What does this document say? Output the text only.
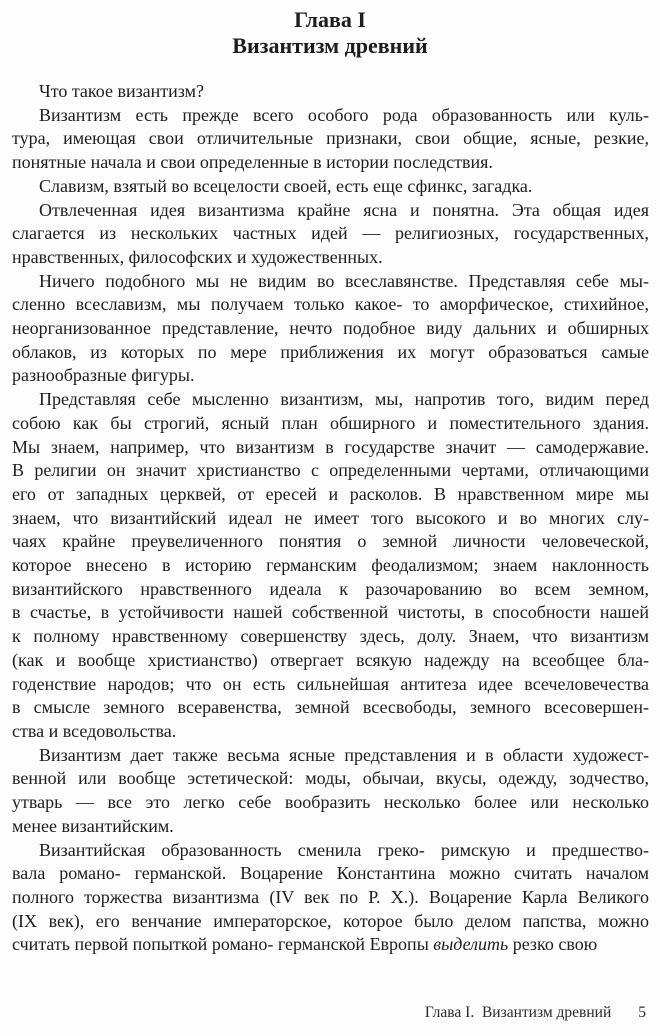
Глава I
Византизм древний
Что такое византизм?
Византизм есть прежде всего особого рода образованность или куль-
тура, имеющая свои отличительные признаки, свои общие, ясные, резкие,
понятные начала и свои определенные в истории последствия.
Славизм, взятый во всецелости своей, есть еще сфинкс, загадка.
Отвлеченная идея византизма крайне ясна и понятна. Эта общая идея
слагается из нескольких частных идей — религиозных, государственных,
нравственных, философских и художественных.
Ничего подобного мы не видим во всеславянстве. Представляя себе мы-
сленно всеславизм, мы получаем только какое- то аморфическое, стихийное,
неорганизованное представление, нечто подобное виду дальних и обширных
облаков, из которых по мере приближения их могут образоваться самые
разнообразные фигуры.
Представляя себе мысленно византизм, мы, напротив того, видим перед
собою как бы строгий, ясный план обширного и поместительного здания.
Мы знаем, например, что византизм в государстве значит — самодержавие.
В религии он значит христианство с определенными чертами, отличающими
его от западных церквей, от ересей и расколов. В нравственном мире мы
знаем, что византийский идеал не имеет того высокого и во многих слу-
чаях крайне преувеличенного понятия о земной личности человеческой,
которое внесено в историю германским феодализмом; знаем наклонность
византийского нравственного идеала к разочарованию во всем земном,
в счастье, в устойчивости нашей собственной чистоты, в способности нашей
к полному нравственному совершенству здесь, долу. Знаем, что византизм
(как и вообще христианство) отвергает всякую надежду на всеобщее бла-
годенствие народов; что он есть сильнейшая антитеза идее всечеловечества
в смысле земного всеравенства, земной всесвободы, земного всесовершен-
ства и вседовольства.
Византизм дает также весьма ясные представления и в области художест-
венной или вообще эстетической: моды, обычаи, вкусы, одежду, зодчество,
утварь — все это легко себе вообразить несколько более или несколько
менее византийским.
Византийская образованность сменила греко- римскую и предшество-
вала романо- германской. Воцарение Константина можно считать началом
полного торжества византизма (IV век по Р. Х.). Воцарение Карла Великого
(IX век), его венчание императорское, которое было делом папства, можно
считать первой попыткой романо- германской Европы выделить резко свою
Глава I.  Византизм древний 5
